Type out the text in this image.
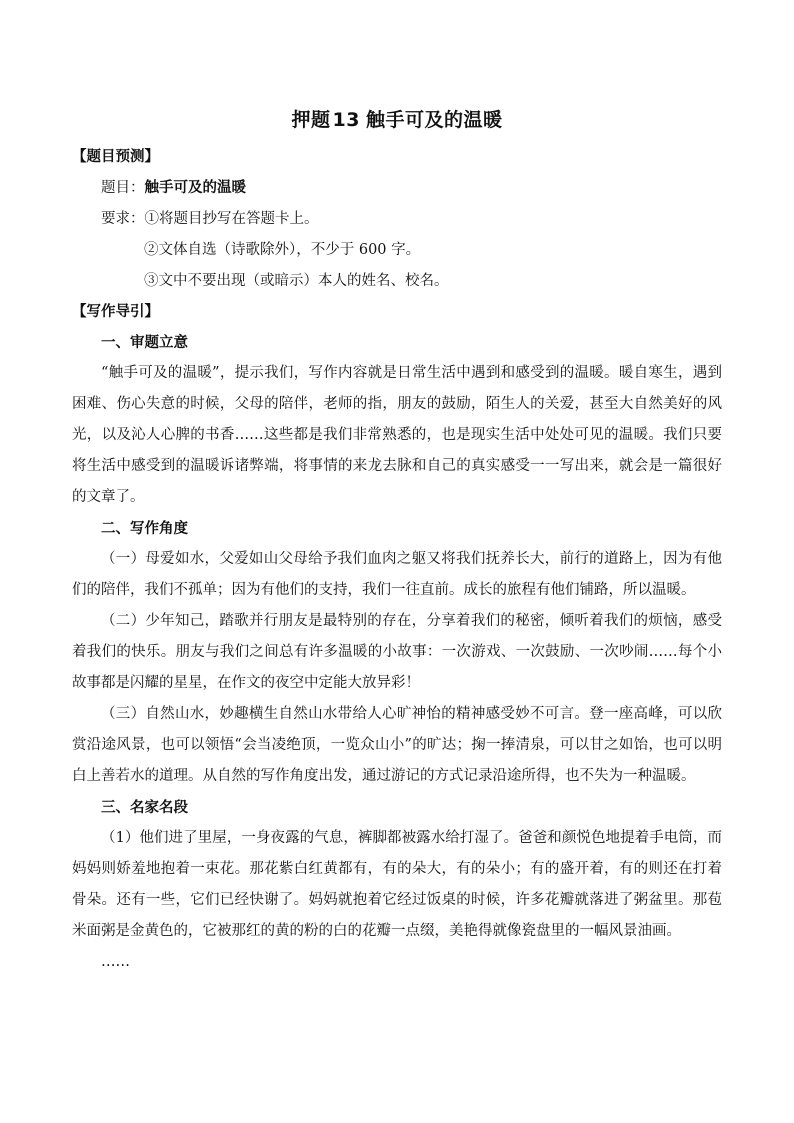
押题 13 触手可及的温暖

【题目预测】

题目：触手可及的温暖

要求：①将题目抄写在答题卡上。

②文体自选（诗歌除外），不少于 600 字。

③文中不要出现（或暗示）本人的姓名、校名。

【写作导引】

一、审题立意

“触手可及的温暖”，提示我们，写作内容就是日常生活中遇到和感受到的温暖。暖自寒生，遇到困难、伤心失意的时候，父母的陪伴，老师的指，朋友的鼓励，陌生人的关爱，甚至大自然美好的风光，以及沁人心脾的书香……这些都是我们非常熟悉的，也是现实生活中处处可见的温暖。我们只要将生活中感受到的温暖诉诸弊端，将事情的来龙去脉和自己的真实感受一一写出来，就会是一篇很好的文章了。

二、写作角度

（一）母爱如水，父爱如山父母给予我们血肉之躯又将我们抚养长大，前行的道路上，因为有他们的陪伴，我们不孤单；因为有他们的支持，我们一往直前。成长的旅程有他们铺路，所以温暖。

（二）少年知己，踏歌并行朋友是最特别的存在，分享着我们的秘密，倾听着我们的烦恼，感受着我们的快乐。朋友与我们之间总有许多温暖的小故事：一次游戏、一次鼓励、一次吵闹……每个小故事都是闪耀的星星，在作文的夜空中定能大放异彩！

（三）自然山水，妙趣横生自然山水带给人心旷神怡的精神感受妙不可言。登一座高峰，可以欣赏沿途风景，也可以领悟“会当凌绝顶，一览众山小”的旷达；掬一捧清泉，可以甘之如饴，也可以明白上善若水的道理。从自然的写作角度出发，通过游记的方式记录沿途所得，也不失为一种温暖。

三、名家名段

（1）他们进了里屋，一身夜露的气息，裤脚都被露水给打湿了。爸爸和颜悦色地提着手电筒，而妈妈则娇羞地抱着一束花。那花紫白红黄都有，有的朵大，有的朵小；有的盛开着，有的则还在打着骨朵。还有一些，它们已经快谢了。妈妈就抱着它经过饭桌的时候，许多花瓣就落进了粥盆里。那苞米面粥是金黄色的，它被那红的黄的粉的白的花瓣一点缀，美艳得就像瓷盘里的一幅风景油画。

……
